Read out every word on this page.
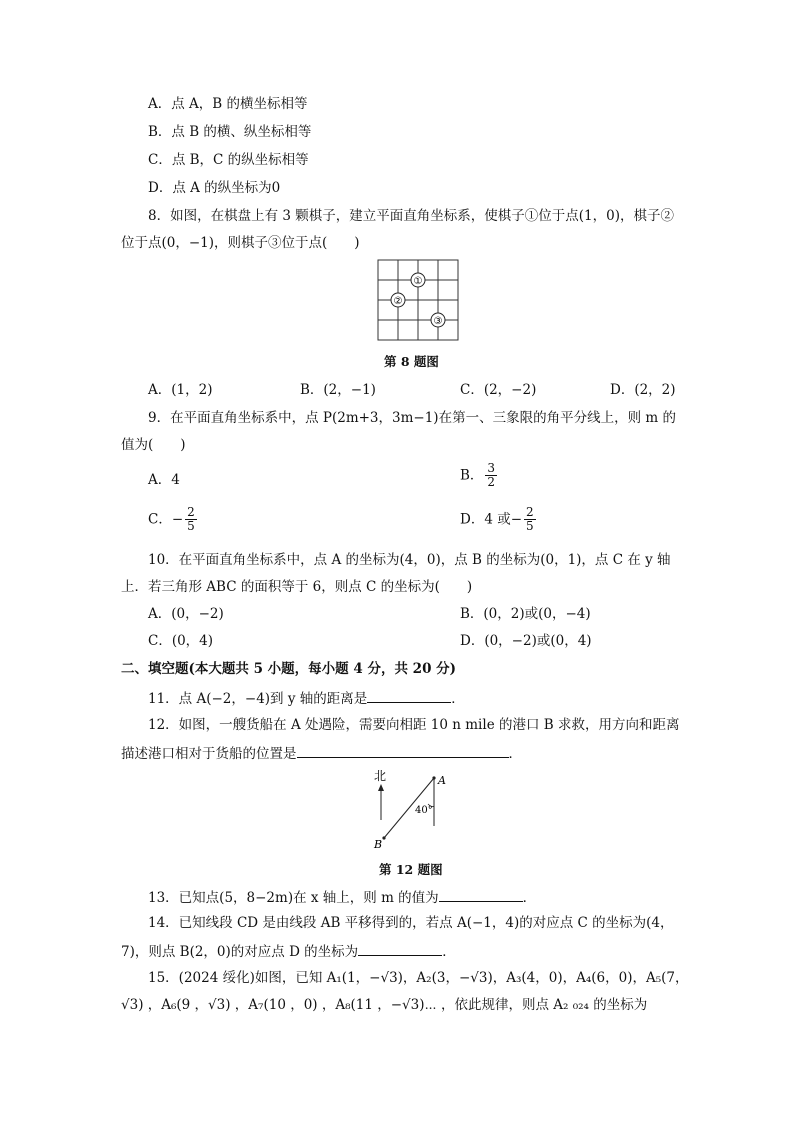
A．点 A，B 的横坐标相等
B．点 B 的横、纵坐标相等
C．点 B，C 的纵坐标相等
D．点 A 的纵坐标为0
8．如图，在棋盘上有 3 颗棋子，建立平面直角坐标系，使棋子①位于点(1，0)，棋子②
位于点(0，−1)，则棋子③位于点(　　)
①
②
③
第 8 题图
A．(1，2)	B．(2，−1)	C．(2，−2)	D．(2，2)
9．在平面直角坐标系中，点 P(2m+3，3m−1)在第一、三象限的角平分线上，则 m 的
值为(　　)
A．4	B． $\frac{3}{2}$
C．− $\frac{2}{5}$	D．4 或− $\frac{2}{5}$
10．在平面直角坐标系中，点 A 的坐标为(4，0)，点 B 的坐标为(0，1)，点 C 在 y 轴
上．若三角形 ABC 的面积等于 6，则点 C 的坐标为(　　)
A．(0，−2)	B．(0，2)或(0，−4)
C．(0，4)	D．(0，−2)或(0，4)
二、填空题(本大题共 5 小题，每小题 4 分，共 20 分)
11．点 A(−2，−4)到 y 轴的距离是	．
12．如图，一艘货船在 A 处遇险，需要向相距 10 n mile 的港口 B 求救，用方向和距离
描述港口相对于货船的位置是	．
北	A
B
40°
第 12 题图
13．已知点(5，8−2m)在 x 轴上，则 m 的值为	．
14．已知线段 CD 是由线段 AB 平移得到的，若点 A(−1，4)的对应点 C 的坐标为(4，
7)，则点 B(2，0)的对应点 D 的坐标为	．
15．(2024 绥化)如图，已知 A₁(1，−√3)，A₂(3，−√3)，A₃(4，0)，A₄(6，0)，A₅(7，
√3) ，A₆(9 ，√3) ，A₇(10 ，0) ，A₈(11 ，−√3)⋯ ，依此规律，则点 A₂ ₀₂₄ 的坐标为
